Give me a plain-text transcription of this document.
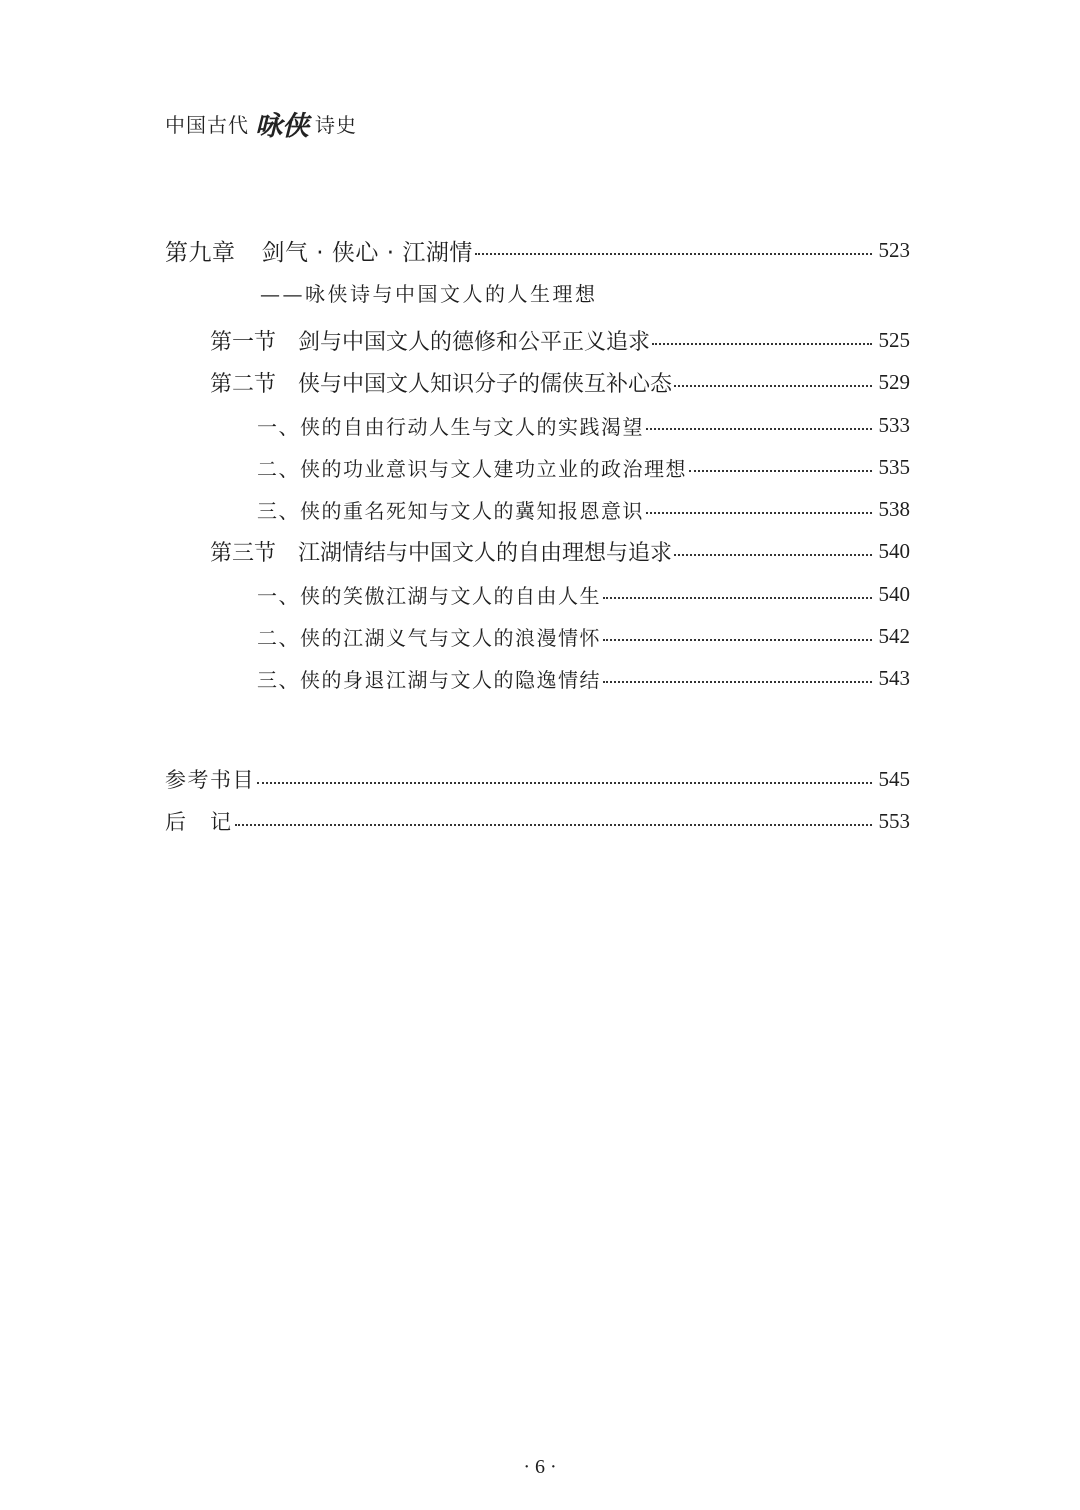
中国古代 咏侠 诗史
第九章 剑气 · 侠心 · 江湖情	523
——咏侠诗与中国文人的人生理想
第一节 剑与中国文人的德修和公平正义追求	525
第二节 侠与中国文人知识分子的儒侠互补心态	529
一、侠的自由行动人生与文人的实践渴望	533
二、侠的功业意识与文人建功立业的政治理想	535
三、侠的重名死知与文人的冀知报恩意识	538
第三节 江湖情结与中国文人的自由理想与追求	540
一、侠的笑傲江湖与文人的自由人生	540
二、侠的江湖义气与文人的浪漫情怀	542
三、侠的身退江湖与文人的隐逸情结	543
参考书目	545
后　记	553
· 6 ·
